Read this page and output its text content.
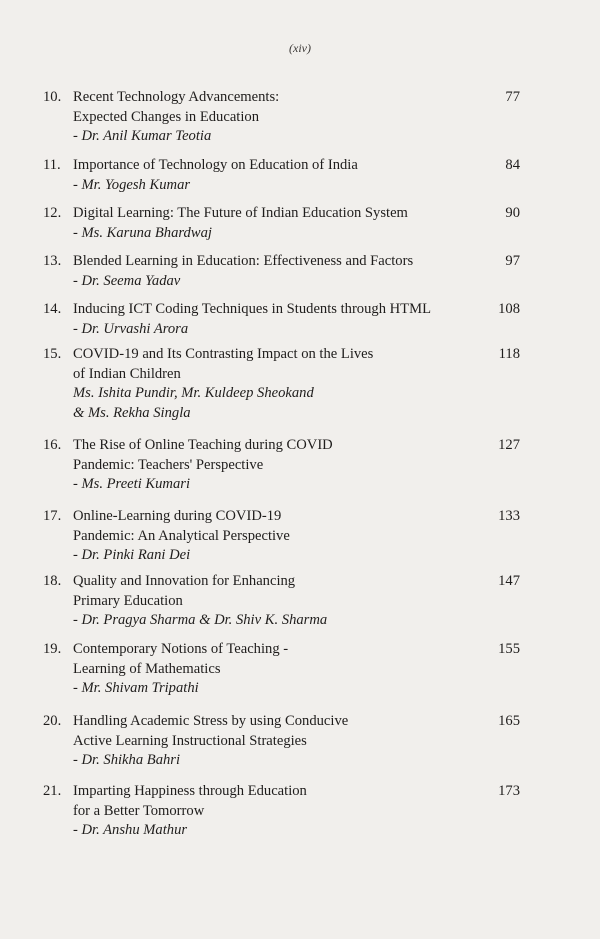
(xiv)
10. Recent Technology Advancements:
Expected Changes in Education
- Dr. Anil Kumar Teotia
77
11. Importance of Technology on Education of India
- Mr. Yogesh Kumar
84
12. Digital Learning: The Future of Indian Education System
- Ms. Karuna Bhardwaj
90
13. Blended Learning in Education: Effectiveness and Factors
- Dr. Seema Yadav
97
14. Inducing ICT Coding Techniques in Students through HTML
- Dr. Urvashi Arora
108
15. COVID-19 and Its Contrasting Impact on the Lives
of Indian Children
Ms. Ishita Pundir, Mr. Kuldeep Sheokand
& Ms. Rekha Singla
118
16. The Rise of Online Teaching during COVID
Pandemic: Teachers' Perspective
- Ms. Preeti Kumari
127
17. Online-Learning during COVID-19
Pandemic: An Analytical Perspective
- Dr. Pinki Rani Dei
133
18. Quality and Innovation for Enhancing
Primary Education
- Dr. Pragya Sharma & Dr. Shiv K. Sharma
147
19. Contemporary Notions of Teaching -
Learning of Mathematics
- Mr. Shivam Tripathi
155
20. Handling Academic Stress by using Conducive
Active Learning Instructional Strategies
- Dr. Shikha Bahri
165
21. Imparting Happiness through Education
for a Better Tomorrow
- Dr. Anshu Mathur
173
